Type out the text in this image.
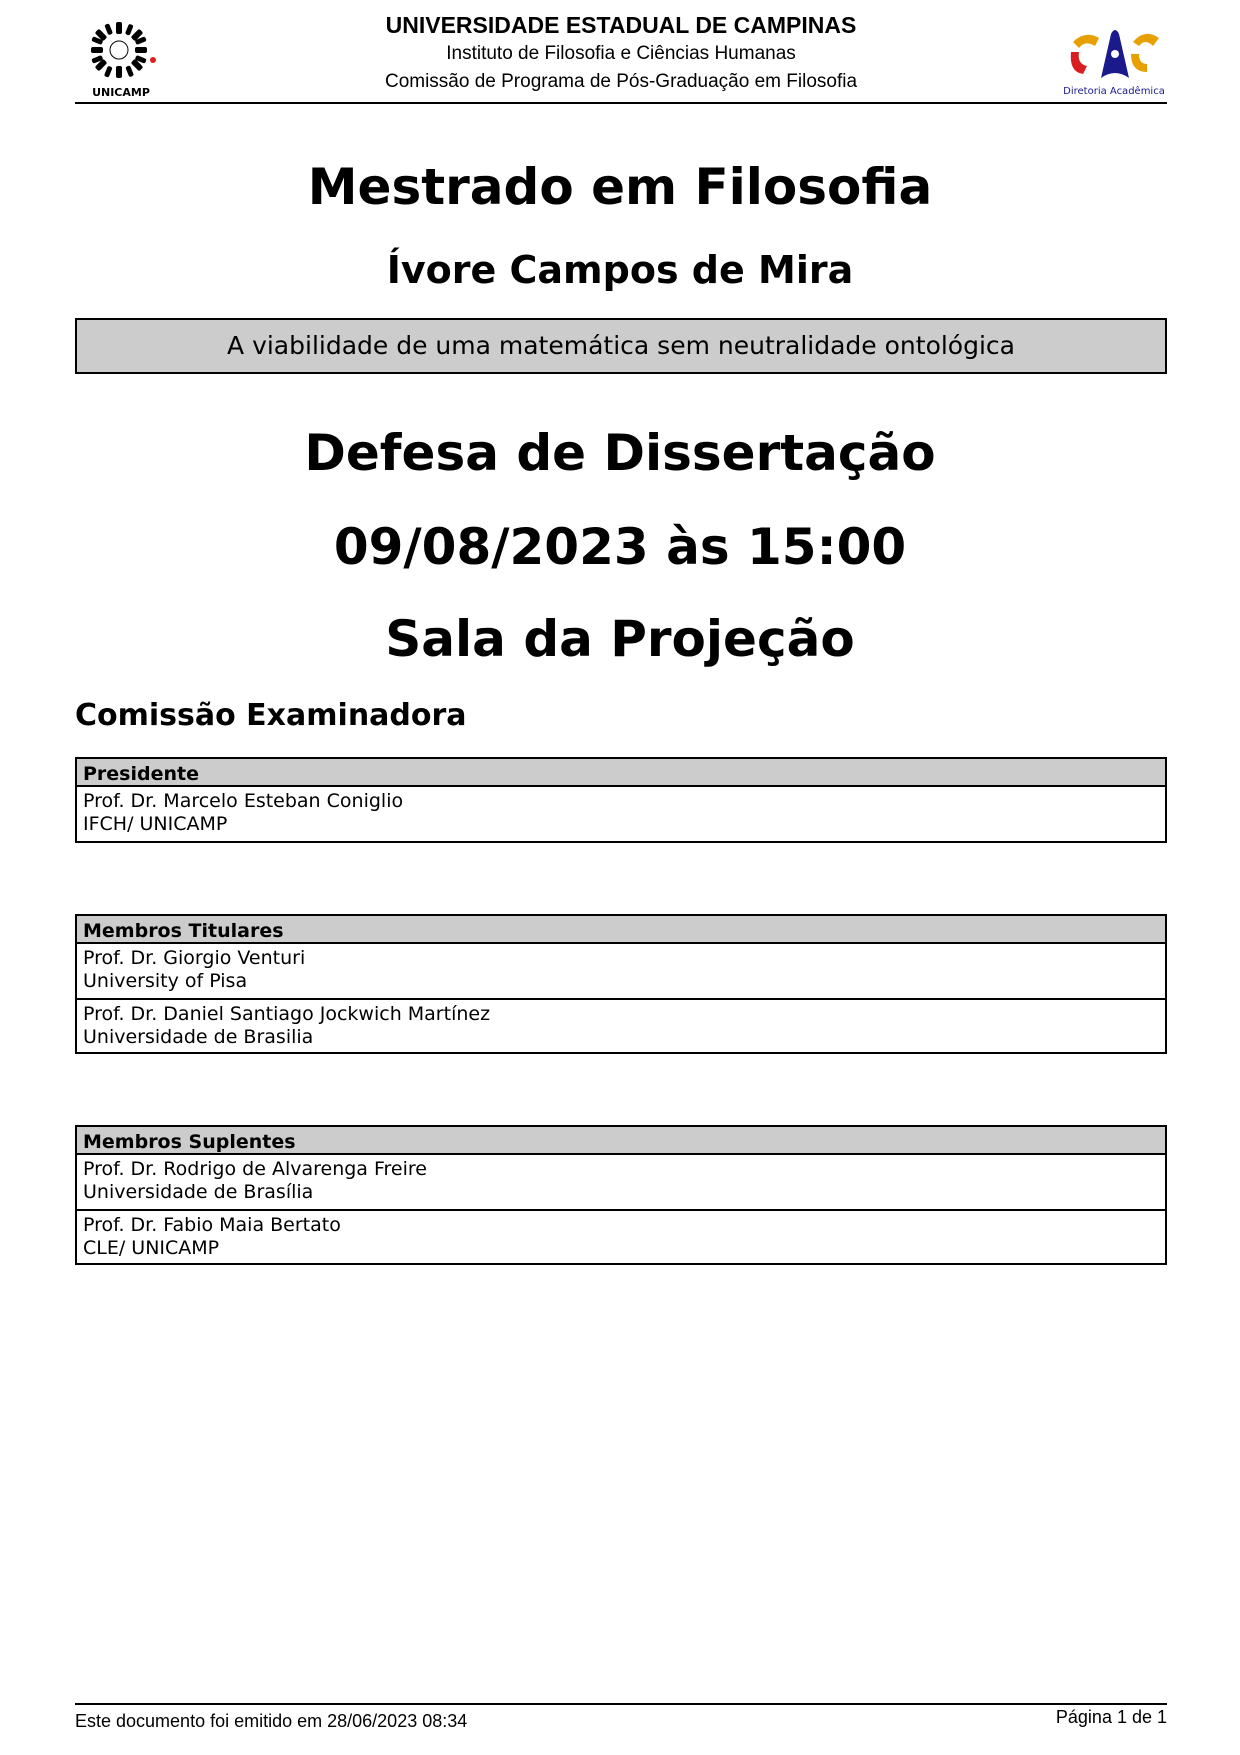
UNICAMP
UNIVERSIDADE ESTADUAL DE CAMPINAS
Instituto de Filosofia e Ciências Humanas
Comissão de Programa de Pós-Graduação em Filosofia	Diretoria Acadêmica
Mestrado em Filosofia
Ívore Campos de Mira
A viabilidade de uma matemática sem neutralidade ontológica
Defesa de Dissertação
09/08/2023 às 15:00
Sala da Projeção
Comissão Examinadora
Presidente
Prof. Dr. Marcelo Esteban Coniglio
IFCH/ UNICAMP
Membros Titulares
Prof. Dr. Giorgio Venturi
University of Pisa
Prof. Dr. Daniel Santiago Jockwich Martínez
Universidade de Brasilia
Membros Suplentes
Prof. Dr. Rodrigo de Alvarenga Freire
Universidade de Brasília
Prof. Dr. Fabio Maia Bertato
CLE/ UNICAMP
Este documento foi emitido em 28/06/2023 08:34	Página 1 de 1
